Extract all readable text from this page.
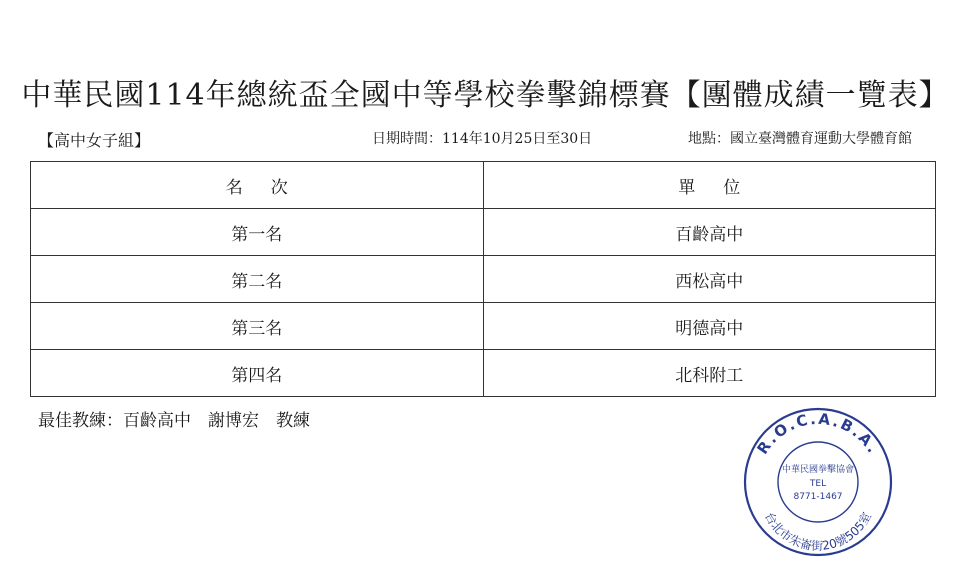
中華民國114年總統盃全國中等學校拳擊錦標賽【團體成績一覽表】
【高中女子組】	日期時間：114年10月25日至30日	地點：國立臺灣體育運動大學體育館
名次	單位
第一名	百齡高中
第二名	西松高中
第三名	明德高中
第四名	北科附工
最佳教練：百齡高中　謝博宏　教練
R.O.C.A.B.A.
台北市朱崙街20號505室
中華民國拳擊協會
TEL
8771-1467
